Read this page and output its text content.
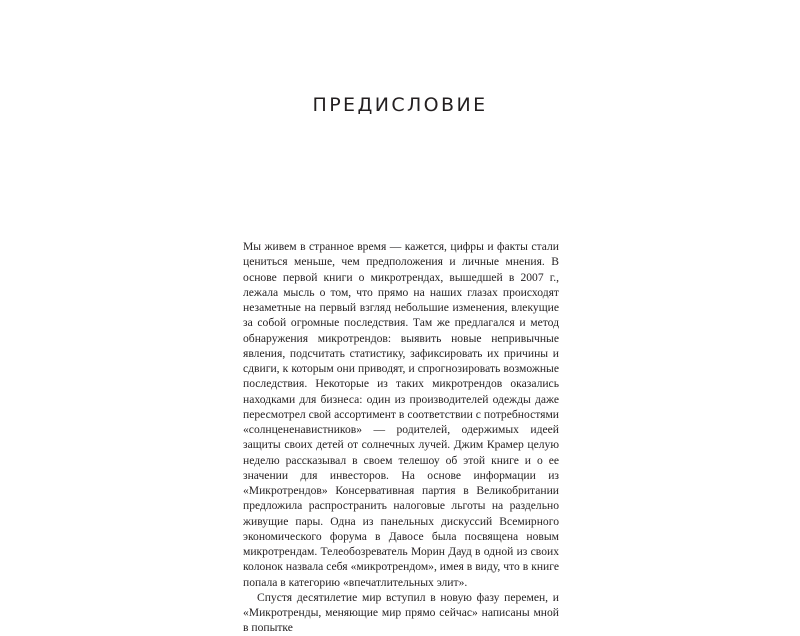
ПРЕДИСЛОВИЕ

Мы живем в странное время — кажется, цифры и факты стали цениться меньше, чем предположения и личные мнения. В основе первой книги о микротрендах, вышедшей в 2007 г., лежала мысль о том, что прямо на наших глазах происходят незаметные на первый взгляд небольшие изменения, влекущие за собой огромные последствия. Там же предлагался и метод обнаружения микротрендов: выявить новые непривычные явления, подсчитать статистику, зафиксировать их причины и сдвиги, к которым они приводят, и спрогнозировать возможные последствия. Некоторые из таких микротрендов оказались находками для бизнеса: один из производителей одежды даже пересмотрел свой ассортимент в соответствии с потребностями «солнцененавистников» — родителей, одержимых идеей защиты своих детей от солнечных лучей. Джим Крамер целую неделю рассказывал в своем телешоу об этой книге и о ее значении для инвесторов. На основе информации из «Микротрендов» Консервативная партия в Великобритании предложила распространить налоговые льготы на раздельно живущие пары. Одна из панельных дискуссий Всемирного экономического форума в Давосе была посвящена новым микротрендам. Телеобозреватель Морин Дауд в одной из своих колонок назвала себя «микротрендом», имея в виду, что в книге попала в категорию «впечатлительных элит».

Спустя десятилетие мир вступил в новую фазу перемен, и «Микротренды, меняющие мир прямо сейчас» написаны мной в попытке
